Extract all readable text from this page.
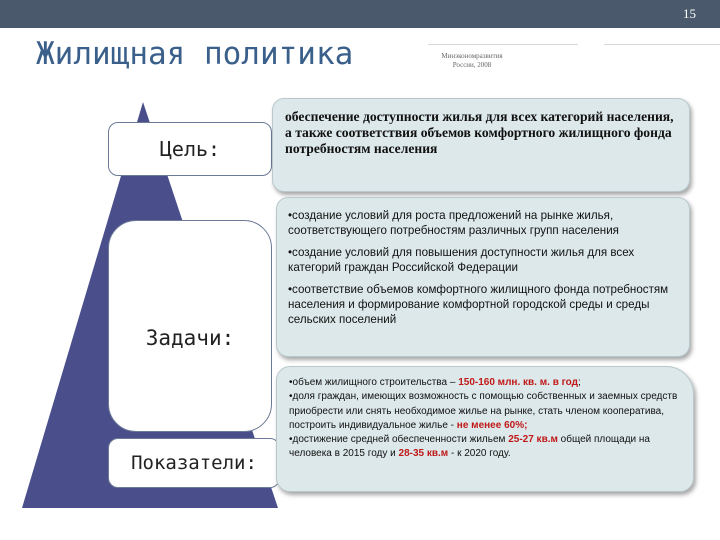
15
Жилищная политика	Минэкономразвития России, 2008
Цель:
Задачи:
Показатели:
обеспечение доступности жилья для всех категорий населения, а также соответствия объемов комфортного жилищного фонда потребностям населения

•создание условий для роста предложений на рынке жилья, соответствующего потребностям различных групп населения

•создание условий для повышения доступности жилья для всех категорий граждан Российской Федерации

•соответствие объемов комфортного жилищного фонда потребностям населения и формирование комфортной городской среды и среды сельских поселений

•объем жилищного строительства – 150-160 млн. кв. м. в год;

•доля граждан, имеющих возможность с помощью собственных и заемных средств приобрести или снять необходимое жилье на рынке, стать членом кооператива, построить индивидуальное жилье - не менее 60%;

•достижение средней обеспеченности жильем 25-27 кв.м общей площади на человека в 2015 году и 28-35 кв.м - к 2020 году.
